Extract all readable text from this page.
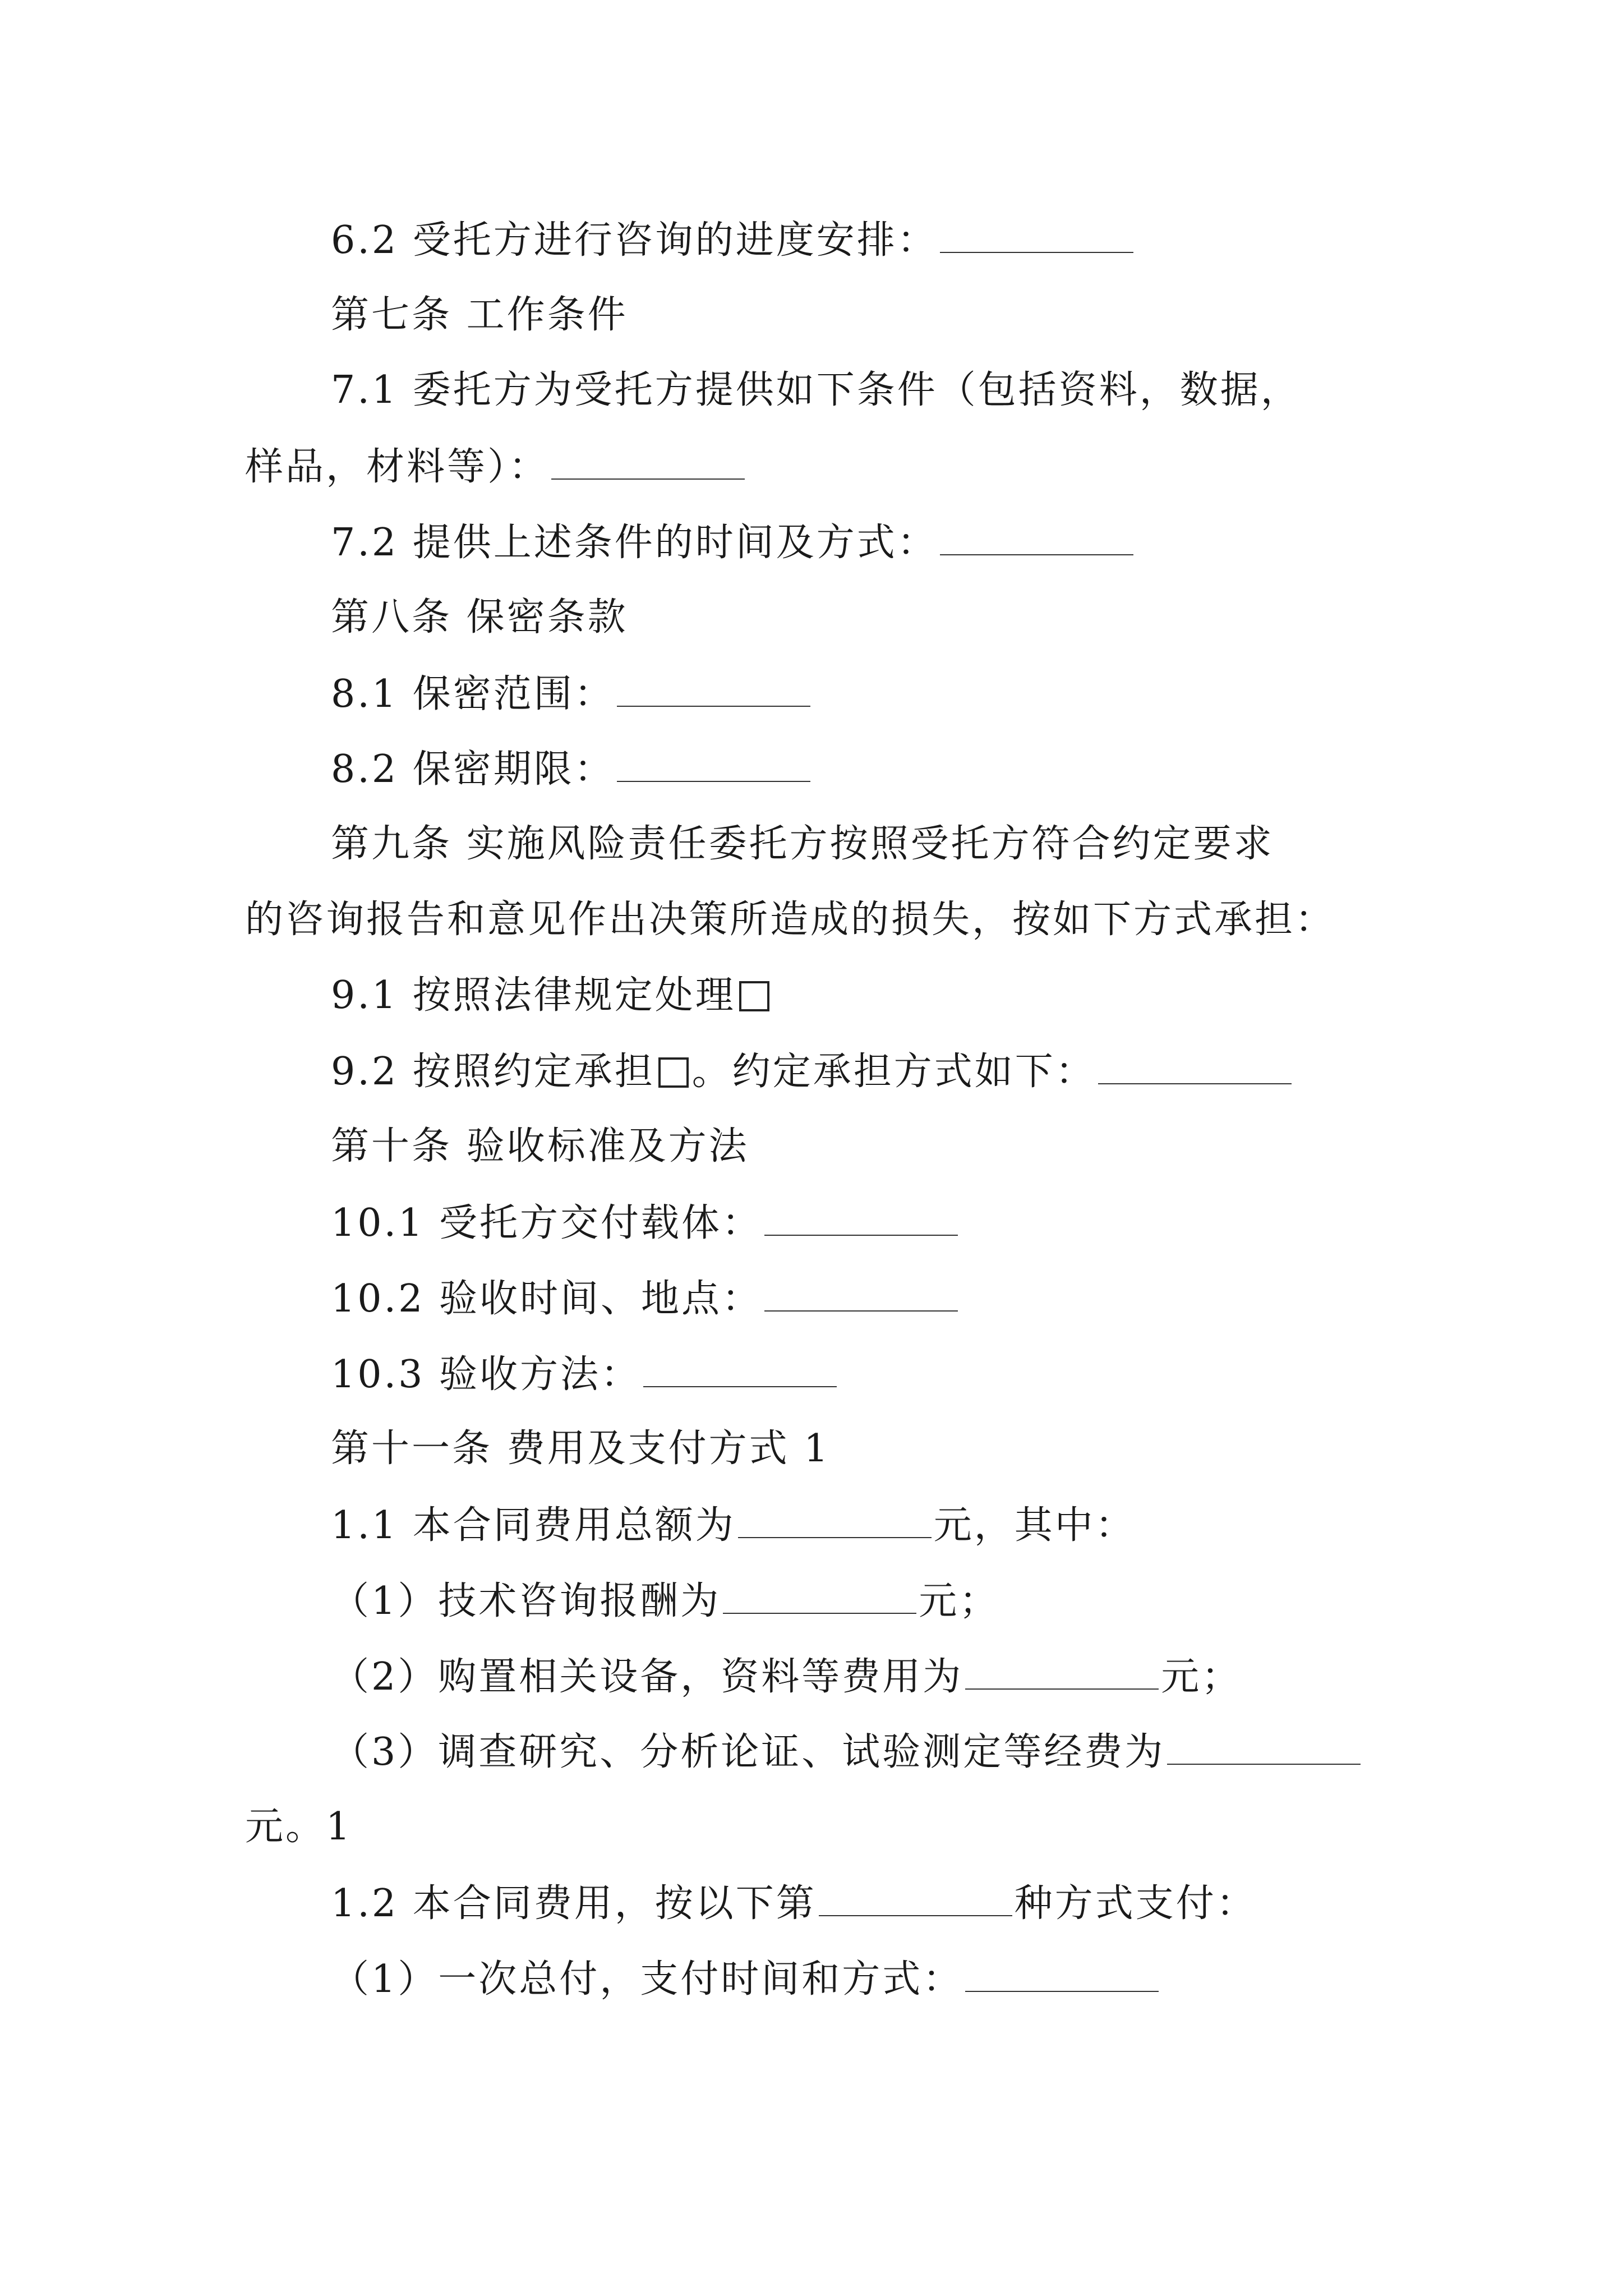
6.2 受托方进行咨询的进度安排：
第七条 工作条件
7.1 委托方为受托方提供如下条件（包括资料，数据，
样品，材料等）：
7.2 提供上述条件的时间及方式：
第八条 保密条款
8.1 保密范围：
8.2 保密期限：
第九条 实施风险责任委托方按照受托方符合约定要求
的咨询报告和意见作出决策所造成的损失，按如下方式承担：
9.1 按照法律规定处理
9.2 按照约定承担 。约定承担方式如下：
第十条 验收标准及方法
10.1 受托方交付载体：
10.2 验收时间、地点：
10.3 验收方法：
第十一条 费用及支付方式 1
1.1 本合同费用总额为	元，其中：
（1）技术咨询报酬为	元；
（2）购置相关设备，资料等费用为	元；
（3）调查研究、分析论证、试验测定等经费为
元。1
1.2 本合同费用，按以下第	种方式支付：
（1）一次总付，支付时间和方式：
